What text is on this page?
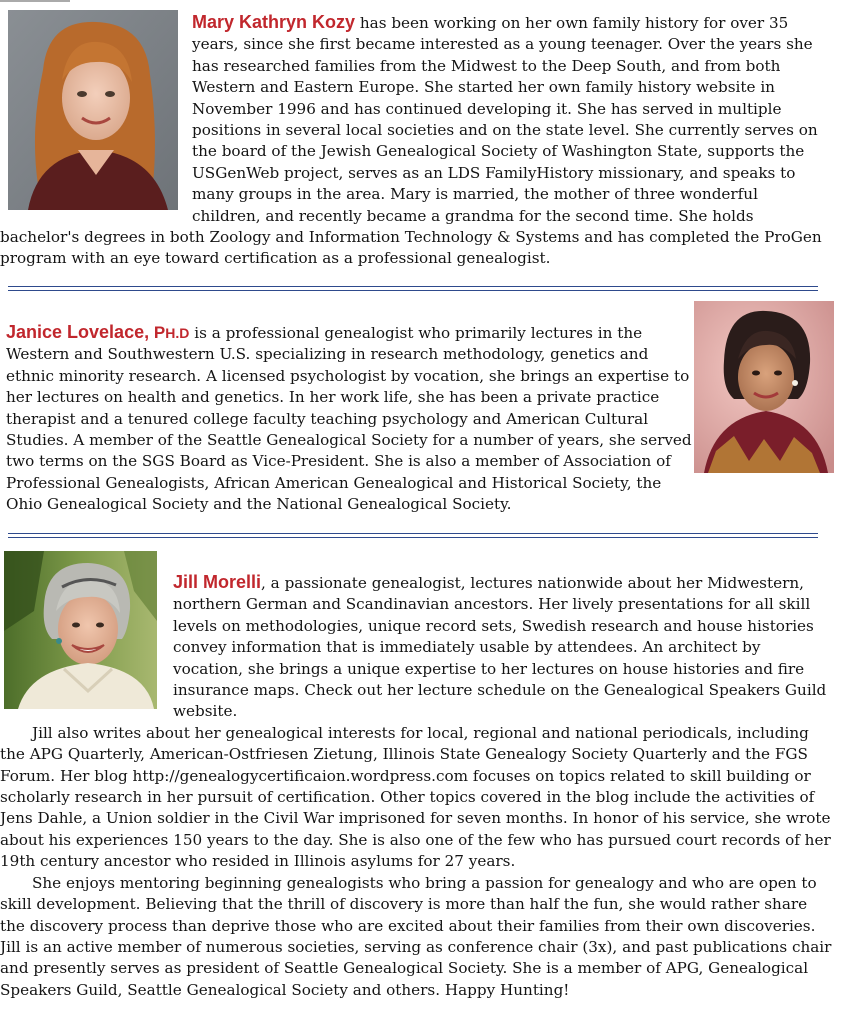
Mary Kathryn Kozy has been working on her own family history for over 35 years, since she first became interested as a young teenager. Over the years she has researched families from the Midwest to the Deep South, and from both Western and Eastern Europe. She started her own family history website in November 1996 and has continued developing it. She has served in multiple positions in several local societies and on the state level. She currently serves on the board of the Jewish Genealogical Society of Washington State, supports the USGenWeb project, serves as an LDS FamilyHistory missionary, and speaks to many groups in the area. Mary is married, the mother of three wonderful children, and recently became a grandma for the second time. She holds bachelor's degrees in both Zoology and Information Technology & Systems and has completed the ProGen program with an eye toward certification as a professional genealogist.

Janice Lovelace, PH.D is a professional genealogist who primarily lectures in the Western and Southwestern U.S. specializing in research methodology, genetics and ethnic minority research. A licensed psychologist by vocation, she brings an expertise to her lectures on health and genetics. In her work life, she has been a private practice therapist and a tenured college faculty teaching psychology and American Cultural Studies. A member of the Seattle Genealogical Society for a number of years, she served two terms on the SGS Board as Vice-President. She is also a member of Association of Professional Genealogists, African American Genealogical and Historical Society, the Ohio Genealogical Society and the National Genealogical Society.

Jill Morelli, a passionate genealogist, lectures nationwide about her Midwestern, northern German and Scandinavian ancestors. Her lively presentations for all skill levels on methodologies, unique record sets, Swedish research and house histories convey information that is immediately usable by attendees. An architect by vocation, she brings a unique expertise to her lectures on house histories and fire insurance maps. Check out her lecture schedule on the Genealogical Speakers Guild website.

Jill also writes about her genealogical interests for local, regional and national periodicals, including the APG Quarterly, American-Ostfriesen Zietung, Illinois State Genealogy Society Quarterly and the FGS Forum. Her blog http://genealogycertificaion.wordpress.com focuses on topics related to skill building or scholarly research in her pursuit of certification. Other topics covered in the blog include the activities of Jens Dahle, a Union soldier in the Civil War imprisoned for seven months. In honor of his service, she wrote about his experiences 150 years to the day. She is also one of the few who has pursued court records of her 19th century ancestor who resided in Illinois asylums for 27 years.

She enjoys mentoring beginning genealogists who bring a passion for genealogy and who are open to skill development. Believing that the thrill of discovery is more than half the fun, she would rather share the discovery process than deprive those who are excited about their families from their own discoveries. Jill is an active member of numerous societies, serving as conference chair (3x), and past publications chair and presently serves as president of Seattle Genealogical Society. She is a member of APG, Genealogical Speakers Guild, Seattle Genealogical Society and others. Happy Hunting!
